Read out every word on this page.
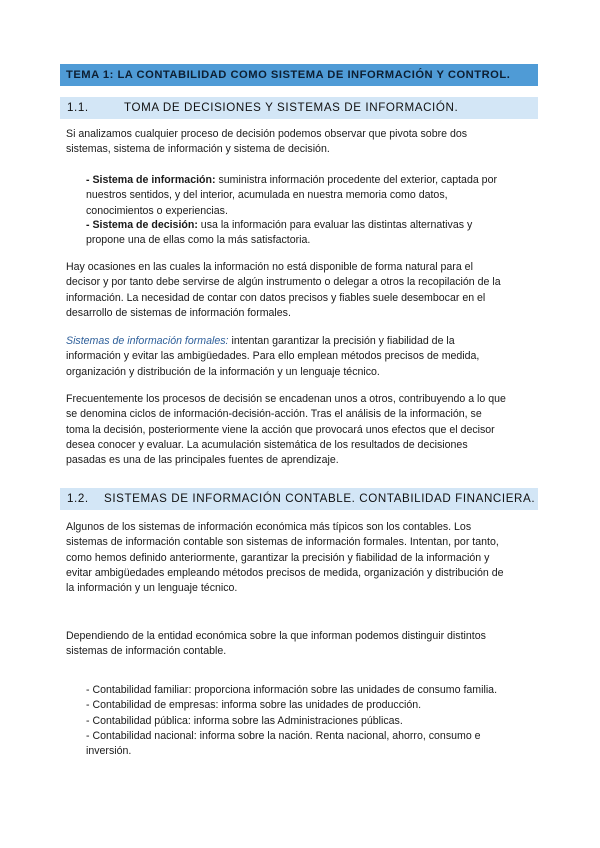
TEMA 1: LA CONTABILIDAD COMO SISTEMA DE INFORMACIÓN Y CONTROL.
1.1.	TOMA DE DECISIONES Y SISTEMAS DE INFORMACIÓN.
Si analizamos cualquier proceso de decisión podemos observar que pivota sobre dos
sistemas, sistema de información y sistema de decisión.
- Sistema de información: suministra información procedente del exterior, captada por
nuestros sentidos, y del interior, acumulada en nuestra memoria como datos,
conocimientos o experiencias.
- Sistema de decisión: usa la información para evaluar las distintas alternativas y
propone una de ellas como la más satisfactoria.
Hay ocasiones en las cuales la información no está disponible de forma natural para el
decisor y por tanto debe servirse de algún instrumento o delegar a otros la recopilación de la
información. La necesidad de contar con datos precisos y fiables suele desembocar en el
desarrollo de sistemas de información formales.
Sistemas de información formales: intentan garantizar la precisión y fiabilidad de la
información y evitar las ambigüedades. Para ello emplean métodos precisos de medida,
organización y distribución de la información y un lenguaje técnico.
Frecuentemente los procesos de decisión se encadenan unos a otros, contribuyendo a lo que
se denomina ciclos de información-decisión-acción. Tras el análisis de la información, se
toma la decisión, posteriormente viene la acción que provocará unos efectos que el decisor
desea conocer y evaluar. La acumulación sistemática de los resultados de decisiones
pasadas es una de las principales fuentes de aprendizaje.
1.2. SISTEMAS DE INFORMACIÓN CONTABLE. CONTABILIDAD FINANCIERA.
Algunos de los sistemas de información económica más típicos son los contables. Los
sistemas de información contable son sistemas de información formales. Intentan, por tanto,
como hemos definido anteriormente, garantizar la precisión y fiabilidad de la información y
evitar ambigüedades empleando métodos precisos de medida, organización y distribución de
la información y un lenguaje técnico.
Dependiendo de la entidad económica sobre la que informan podemos distinguir distintos
sistemas de información contable.
- Contabilidad familiar: proporciona información sobre las unidades de consumo familia.
- Contabilidad de empresas: informa sobre las unidades de producción.
- Contabilidad pública: informa sobre las Administraciones públicas.
- Contabilidad nacional: informa sobre la nación. Renta nacional, ahorro, consumo e
inversión.
